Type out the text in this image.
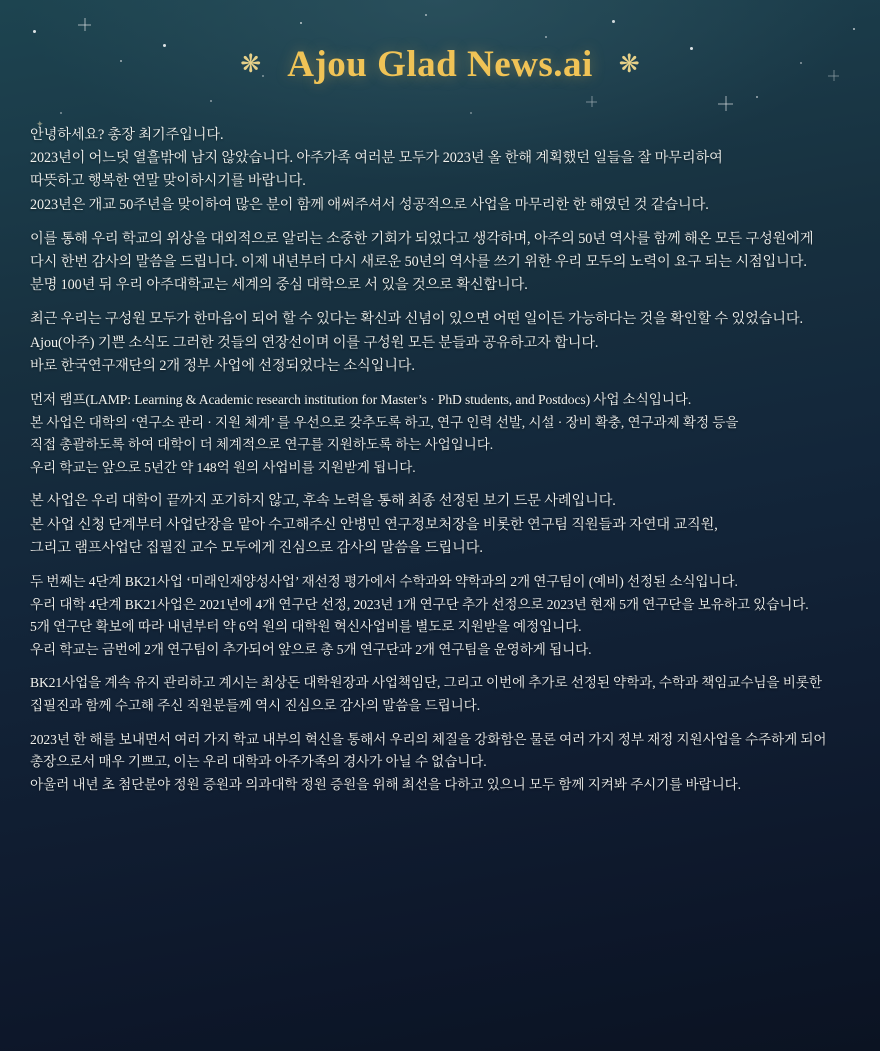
✦
❋ Ajou Glad News.ai ❋
안녕하세요? 총장 최기주입니다.
2023년이 어느덧 열흘밖에 남지 않았습니다. 아주가족 여러분 모두가 2023년 올 한해 계획했던 일들을 잘 마무리하여
따뜻하고 행복한 연말 맞이하시기를 바랍니다.
2023년은 개교 50주년을 맞이하여 많은 분이 함께 애써주셔서 성공적으로 사업을 마무리한 한 해였던 것 같습니다.
이를 통해 우리 학교의 위상을 대외적으로 알리는 소중한 기회가 되었다고 생각하며, 아주의 50년 역사를 함께 해온 모든 구성원에게
다시 한번 감사의 말씀을 드립니다. 이제 내년부터 다시 새로운 50년의 역사를 쓰기 위한 우리 모두의 노력이 요구 되는 시점입니다.
분명 100년 뒤 우리 아주대학교는 세계의 중심 대학으로 서 있을 것으로 확신합니다.
최근 우리는 구성원 모두가 한마음이 되어 할 수 있다는 확신과 신념이 있으면 어떤 일이든 가능하다는 것을 확인할 수 있었습니다.
Ajou(아주) 기쁜 소식도 그러한 것들의 연장선이며 이를 구성원 모든 분들과 공유하고자 합니다.
바로 한국연구재단의 2개 정부 사업에 선정되었다는 소식입니다.
먼저 램프(LAMP: Learning & Academic research institution for Master’s · PhD students, and Postdocs) 사업 소식입니다.
본 사업은 대학의 ‘연구소 관리 · 지원 체계’ 를 우선으로 갖추도록 하고, 연구 인력 선발, 시설 · 장비 확충, 연구과제 확정 등을
직접 총괄하도록 하여 대학이 더 체계적으로 연구를 지원하도록 하는 사업입니다.
우리 학교는 앞으로 5년간 약 148억 원의 사업비를 지원받게 됩니다.
본 사업은 우리 대학이 끝까지 포기하지 않고, 후속 노력을 통해 최종 선정된 보기 드문 사례입니다.
본 사업 신청 단계부터 사업단장을 맡아 수고해주신 안병민 연구정보처장을 비롯한 연구팀 직원들과 자연대 교직원,
그리고 램프사업단 집필진 교수 모두에게 진심으로 감사의 말씀을 드립니다.
두 번째는 4단계 BK21사업 ‘미래인재양성사업’ 재선정 평가에서 수학과와 약학과의 2개 연구팀이 (예비) 선정된 소식입니다.
우리 대학 4단계 BK21사업은 2021년에 4개 연구단 선정, 2023년 1개 연구단 추가 선정으로 2023년 현재 5개 연구단을 보유하고 있습니다.
5개 연구단 확보에 따라 내년부터 약 6억 원의 대학원 혁신사업비를 별도로 지원받을 예정입니다.
우리 학교는 금번에 2개 연구팀이 추가되어 앞으로 총 5개 연구단과 2개 연구팀을 운영하게 됩니다.
BK21사업을 계속 유지 관리하고 계시는 최상돈 대학원장과 사업책임단, 그리고 이번에 추가로 선정된 약학과, 수학과 책임교수님을 비롯한
집필진과 함께 수고해 주신 직원분들께 역시 진심으로 감사의 말씀을 드립니다.
2023년 한 해를 보내면서 여러 가지 학교 내부의 혁신을 통해서 우리의 체질을 강화함은 물론 여러 가지 정부 재정 지원사업을 수주하게 되어
총장으로서 매우 기쁘고, 이는 우리 대학과 아주가족의 경사가 아닐 수 없습니다.
아울러 내년 초 첨단분야 정원 증원과 의과대학 정원 증원을 위해 최선을 다하고 있으니 모두 함께 지켜봐 주시기를 바랍니다.
